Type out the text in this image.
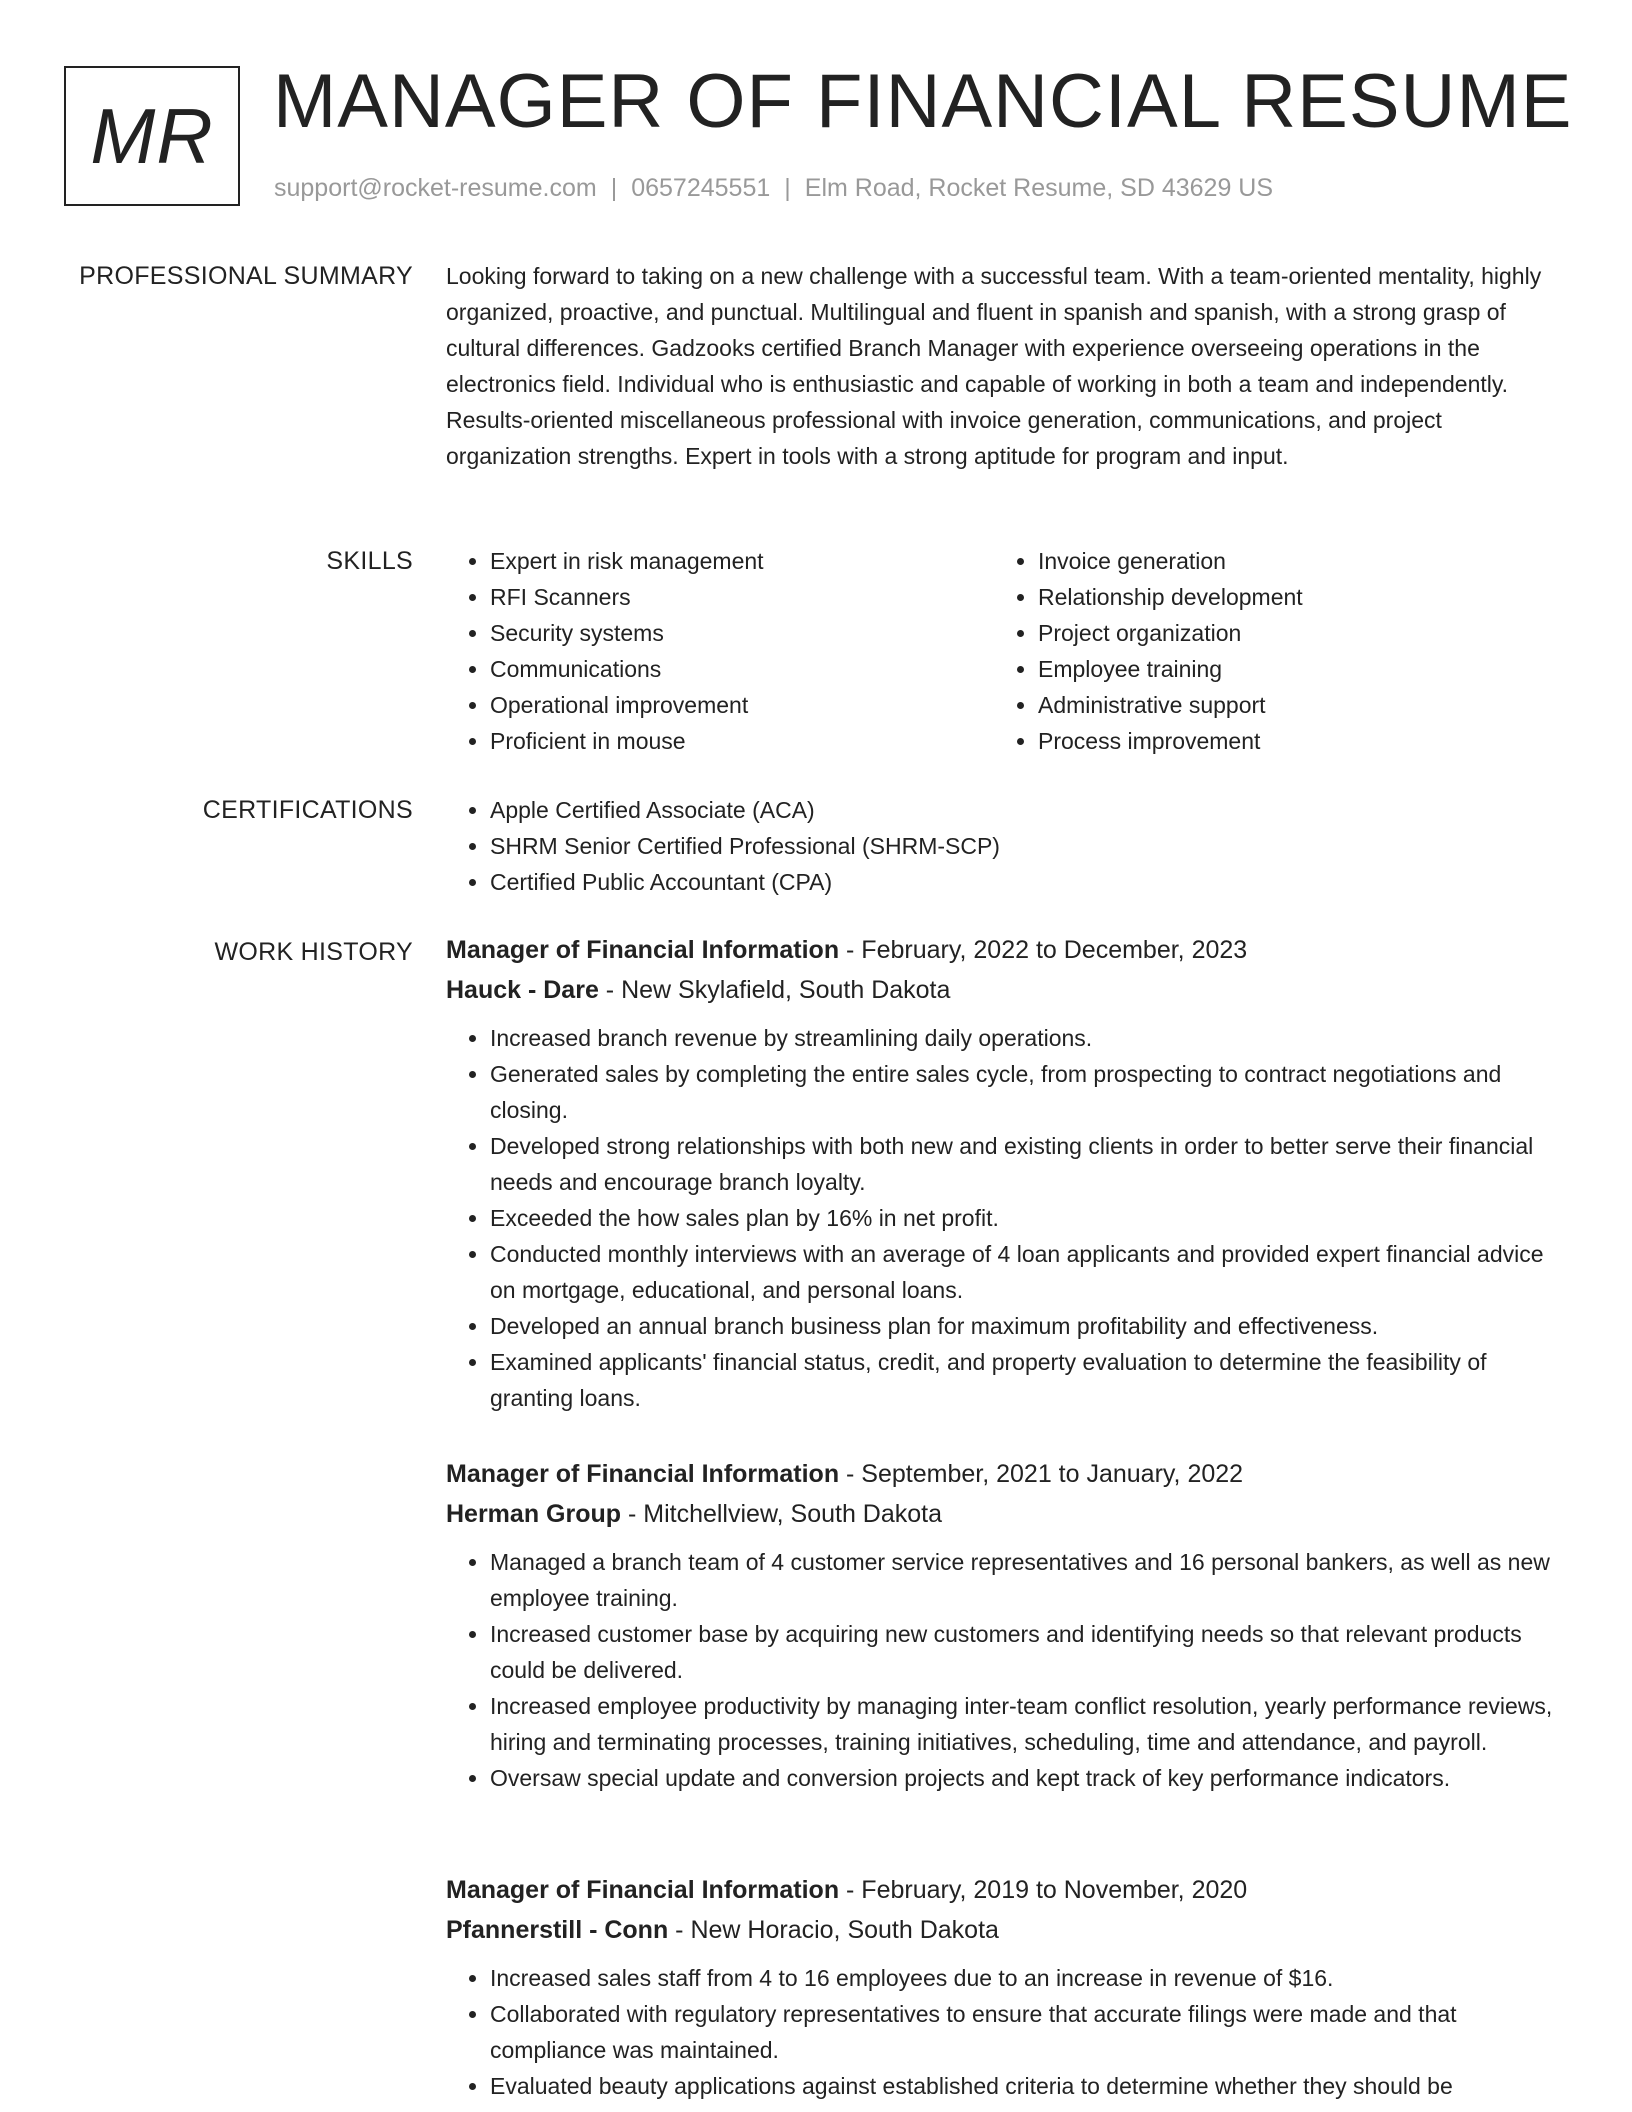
MR MANAGER OF FINANCIAL RESUME
support@rocket-resume.com | 0657245551 | Elm Road, Rocket Resume, SD 43629 US
PROFESSIONAL SUMMARY Looking forward to taking on a new challenge with a successful team. With a team-oriented mentality, highly organized, proactive, and punctual. Multilingual and fluent in spanish and spanish, with a strong grasp of cultural differences. Gadzooks certified Branch Manager with experience overseeing operations in the electronics field. Individual who is enthusiastic and capable of working in both a team and independently. Results-oriented miscellaneous professional with invoice generation, communications, and project organization strengths. Expert in tools with a strong aptitude for program and input.
SKILLS	• Expert in risk management
• RFI Scanners
• Security systems
• Communications
• Operational improvement
• Proficient in mouse
• Invoice generation
• Relationship development
• Project organization
• Employee training
• Administrative support
• Process improvement
CERTIFICATIONS	• Apple Certified Associate (ACA)
• SHRM Senior Certified Professional (SHRM-SCP)
• Certified Public Accountant (CPA)
WORK HISTORY Manager of Financial Information - February, 2022 to December, 2023
Hauck - Dare - New Skylafield, South Dakota
• Increased branch revenue by streamlining daily operations.
• Generated sales by completing the entire sales cycle, from prospecting to contract negotiations and closing.
• Developed strong relationships with both new and existing clients in order to better serve their financial needs and encourage branch loyalty.
• Exceeded the how sales plan by 16% in net profit.
• Conducted monthly interviews with an average of 4 loan applicants and provided expert financial advice on mortgage, educational, and personal loans.
• Developed an annual branch business plan for maximum profitability and effectiveness.
• Examined applicants' financial status, credit, and property evaluation to determine the feasibility of granting loans.
Manager of Financial Information - September, 2021 to January, 2022
Herman Group - Mitchellview, South Dakota
• Managed a branch team of 4 customer service representatives and 16 personal bankers, as well as new employee training.
• Increased customer base by acquiring new customers and identifying needs so that relevant products could be delivered.
• Increased employee productivity by managing inter-team conflict resolution, yearly performance reviews, hiring and terminating processes, training initiatives, scheduling, time and attendance, and payroll.
• Oversaw special update and conversion projects and kept track of key performance indicators.
Manager of Financial Information - February, 2019 to November, 2020
Pfannerstill - Conn - New Horacio, South Dakota
• Increased sales staff from 4 to 16 employees due to an increase in revenue of $16.
• Collaborated with regulatory representatives to ensure that accurate filings were made and that compliance was maintained.
• Evaluated beauty applications against established criteria to determine whether they should be
